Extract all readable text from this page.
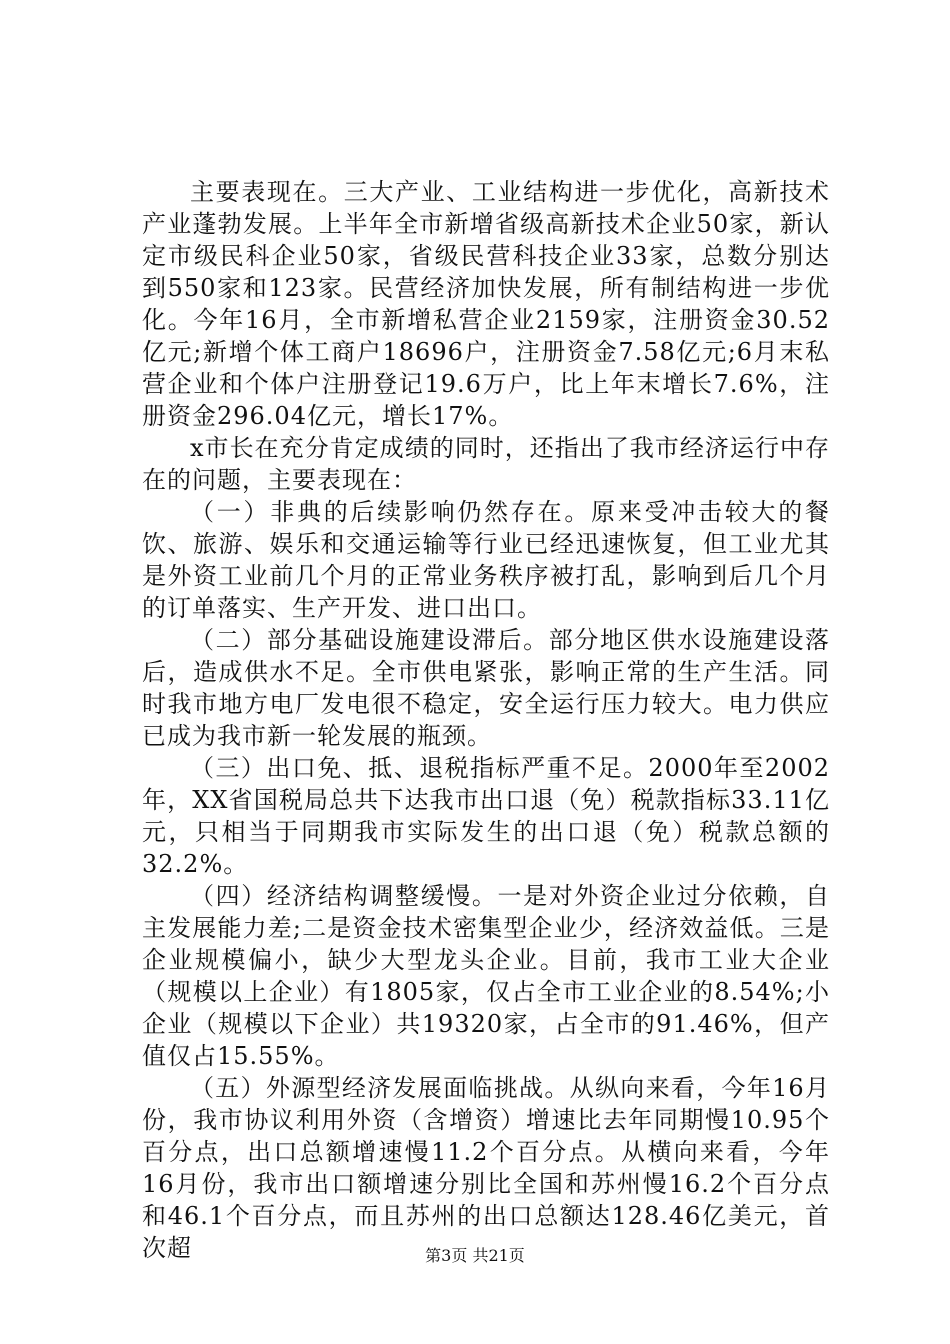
主要表现在。三大产业、工业结构进一步优化，高新技术产业蓬勃发展。上半年全市新增省级高新技术企业50家，新认定市级民科企业50家，省级民营科技企业33家，总数分别达到550家和123家。民营经济加快发展，所有制结构进一步优化。今年16月，全市新增私营企业2159家，注册资金30.52亿元;新增个体工商户18696户，注册资金7.58亿元;6月末私营企业和个体户注册登记19.6万户，比上年末增长7.6%，注册资金296.04亿元，增长17%。

x市长在充分肯定成绩的同时，还指出了我市经济运行中存在的问题，主要表现在：

（一）非典的后续影响仍然存在。原来受冲击较大的餐饮、旅游、娱乐和交通运输等行业已经迅速恢复，但工业尤其是外资工业前几个月的正常业务秩序被打乱，影响到后几个月的订单落实、生产开发、进口出口。

（二）部分基础设施建设滞后。部分地区供水设施建设落后，造成供水不足。全市供电紧张，影响正常的生产生活。同时我市地方电厂发电很不稳定，安全运行压力较大。电力供应已成为我市新一轮发展的瓶颈。

（三）出口免、抵、退税指标严重不足。2000年至2002年，XX省国税局总共下达我市出口退（免）税款指标33.11亿元，只相当于同期我市实际发生的出口退（免）税款总额的32.2%。

（四）经济结构调整缓慢。一是对外资企业过分依赖，自主发展能力差;二是资金技术密集型企业少，经济效益低。三是企业规模偏小，缺少大型龙头企业。目前，我市工业大企业（规模以上企业）有1805家，仅占全市工业企业的8.54%;小企业（规模以下企业）共19320家，占全市的91.46%，但产值仅占15.55%。

（五）外源型经济发展面临挑战。从纵向来看，今年16月份，我市协议利用外资（含增资）增速比去年同期慢10.95个百分点，出口总额增速慢11.2个百分点。从横向来看，今年16月份，我市出口额增速分别比全国和苏州慢16.2个百分点和46.1个百分点，而且苏州的出口总额达128.46亿美元，首次超	第3页 共21页
